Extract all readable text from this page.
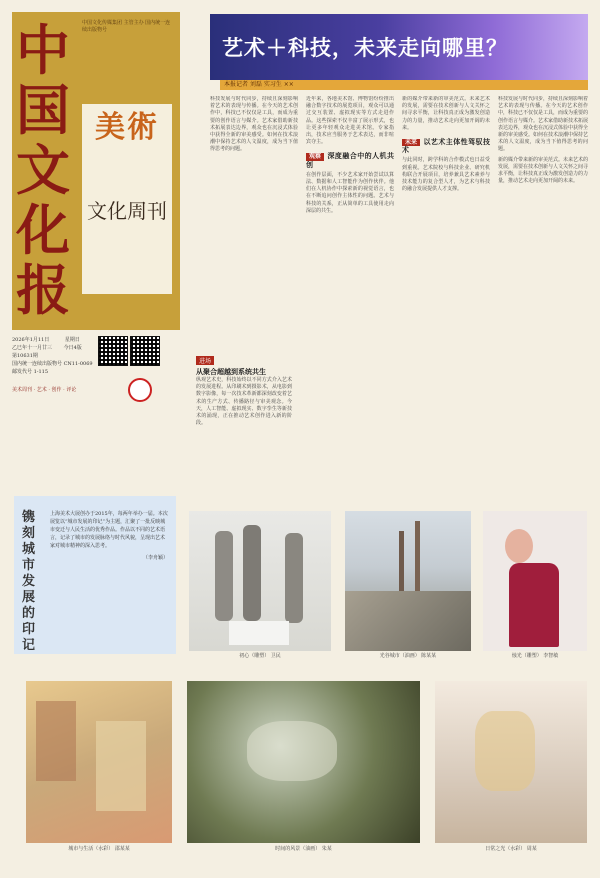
中国文化报
中国文化传媒集团 主管主办 国内统一连续出版物号
美術
文化周刊
2026年1月11日	星期日
乙巳年十一月廿三 今日4版
第10631期
国内统一连续出版物号 CN11-0069
邮发代号 1-115
美术周刊 · 艺术 · 创作 · 评论
进场
从聚合超越到系统共生
纵观艺术史，科技始终以不同方式介入艺术的发展进程。从印刷术到摄影术，从电影到数字影像，每一次技术革新都深刻改变着艺术的生产方式、传播路径与审美观念。今天，人工智能、虚拟现实、数字孪生等新技术的涌现，正在推动艺术创作进入新的阶段。
艺术＋科技，未来走向哪里？
本报记者 刘磊 实习生 ××

科技发展与时代同步，持续且深刻影响着艺术的表现与传播。在今天的艺术创作中，科技已不仅仅是工具，而成为重要的创作语言与媒介。艺术家借助新技术拓展表达边界，观众也在沉浸式体验中获得全新的审美感受。如何在技术浪潮中保持艺术的人文温度，成为当下值得思考的问题。

近年来，各地美术馆、博物馆纷纷推出融合数字技术的展览项目，观众可以通过交互装置、虚拟现实等方式走进作品。这些探索不仅丰富了展示形式，也让更多年轻观众走进美术馆。专家指出，技术应当服务于艺术表达，而非喧宾夺主。

观察 深度融合中的人机共创

在创作层面，不少艺术家开始尝试以算法、数据和人工智能作为创作伙伴。他们在人机协作中探索新的视觉语言，也在不断追问创作主体性的问题。艺术与科技的关系，正从简单的工具使用走向深层的共生。

新的媒介带来新的审美范式。未来艺术的发展，需要在技术创新与人文关怀之间寻求平衡，让科技真正成为激发创造力的力量，推动艺术走向更加开阔的未来。

未来 以艺术主体性驾驭技术

与此同时，跨学科的合作模式也日益受到重视。艺术院校与科技企业、研究机构联合开展项目，培养兼具艺术素养与技术能力的复合型人才，为艺术与科技的融合发展提供人才支撑。

科技发展与时代同步，持续且深刻影响着艺术的表现与传播。在今天的艺术创作中，科技已不仅仅是工具，而成为重要的创作语言与媒介。艺术家借助新技术拓展表达边界，观众也在沉浸式体验中获得全新的审美感受。如何在技术浪潮中保持艺术的人文温度，成为当下值得思考的问题。

新的媒介带来新的审美范式。未来艺术的发展，需要在技术创新与人文关怀之间寻求平衡，让科技真正成为激发创造力的力量，推动艺术走向更加开阔的未来。

镌刻城市发展的印记
上海美术大展创办于2015年，每两年举办一届。本次展览以“城市发展的印记”为主题，汇聚了一批反映城市变迁与人民生活的优秀作品。作品以不同的艺术语言，记录了城市的发展脉络与时代风貌，呈现出艺术家对城市精神的深入思考。
（李舟颖）
初心（雕塑） 卫民	光谷城市（油画） 陈某某	烛光（雕塑） 李智敏
城市与生活（水彩） 邵某某	时间的风景（油画） 朱某	日常之光（水彩） 周某
